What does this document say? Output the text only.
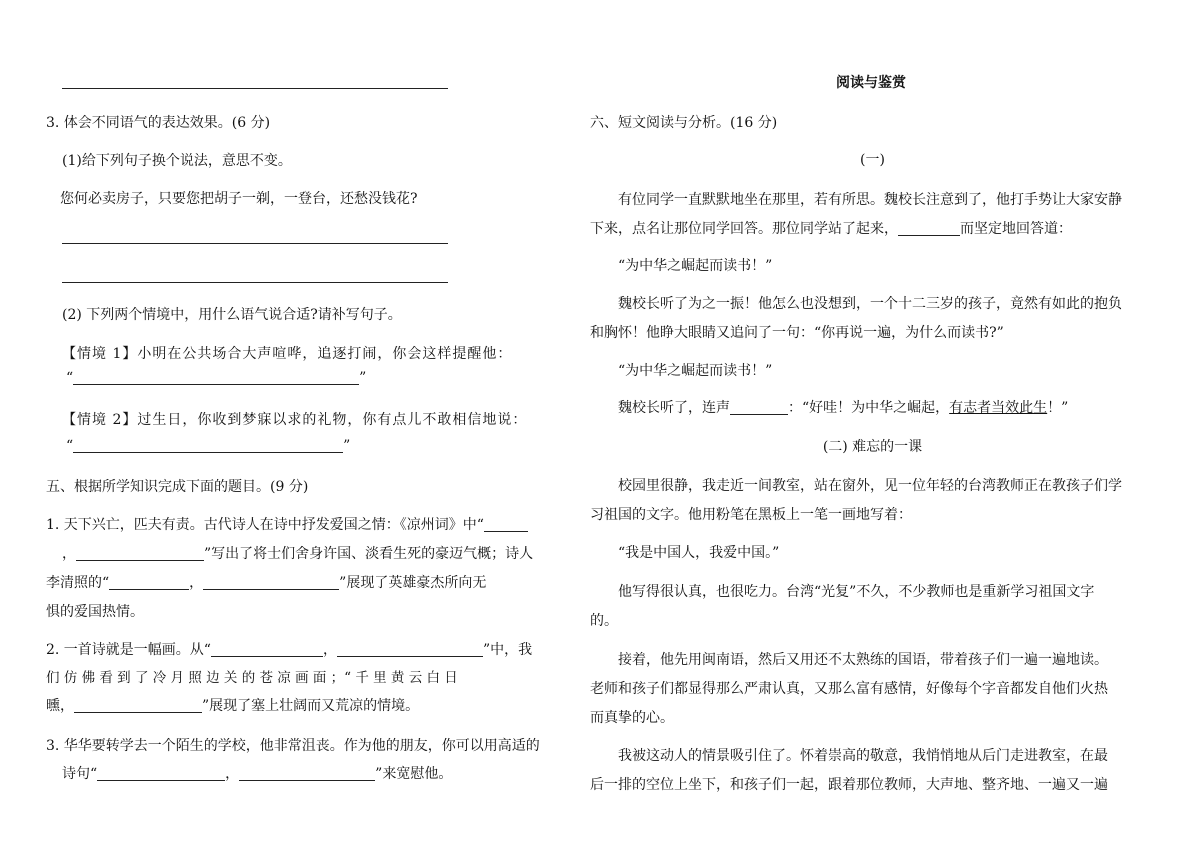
3. 体会不同语气的表达效果。(6 分)
(1)给下列句子换个说法，意思不变。
您何必卖房子，只要您把胡子一剃，一登台，还愁没钱花?
(2) 下列两个情境中，用什么语气说合适?请补写句子。
【情境 1】小明在公共场合大声喧哗，追逐打闹，你会这样提醒他：
“	”
【情境 2】过生日，你收到梦寐以求的礼物，你有点儿不敢相信地说：
“	”
五、根据所学知识完成下面的题目。(9 分)
1. 天下兴亡，匹夫有责。古代诗人在诗中抒发爱国之情：《凉州词》中“
，	”写出了将士们舍身许国、淡看生死的豪迈气概；诗人
李清照的“	，	”展现了英雄豪杰所向无
惧的爱国热情。
2. 一首诗就是一幅画。从“	，	”中，我
们 仿 佛 看 到 了 冷 月 照 边 关 的 苍 凉 画 面 ；“ 千 里 黄 云 白 日
曛，	”展现了塞上壮阔而又荒凉的情境。
3. 华华要转学去一个陌生的学校，他非常沮丧。作为他的朋友，你可以用高适的
诗句“	，	”来宽慰他。
阅读与鉴赏
六、短文阅读与分析。(16 分)
(一)
有位同学一直默默地坐在那里，若有所思。魏校长注意到了，他打手势让大家安静
下来，点名让那位同学回答。那位同学站了起来，	而坚定地回答道：
“为中华之崛起而读书！”
魏校长听了为之一振！他怎么也没想到，一个十二三岁的孩子，竟然有如此的抱负
和胸怀！他睁大眼睛又追问了一句：“你再说一遍，为什么而读书?”
“为中华之崛起而读书！”
魏校长听了，连声	：“好哇！为中华之崛起，有志者当效此生！”
(二) 难忘的一课
校园里很静，我走近一间教室，站在窗外，见一位年轻的台湾教师正在教孩子们学
习祖国的文字。他用粉笔在黑板上一笔一画地写着：
“我是中国人，我爱中国。”
他写得很认真，也很吃力。台湾“光复”不久，不少教师也是重新学习祖国文字
的。
接着，他先用闽南语，然后又用还不太熟练的国语，带着孩子们一遍一遍地读。
老师和孩子们都显得那么严肃认真，又那么富有感情，好像每个字音都发自他们火热
而真挚的心。
我被这动人的情景吸引住了。怀着崇高的敬意，我悄悄地从后门走进教室，在最
后一排的空位上坐下，和孩子们一起，跟着那位教师，大声地、整齐地、一遍又一遍
